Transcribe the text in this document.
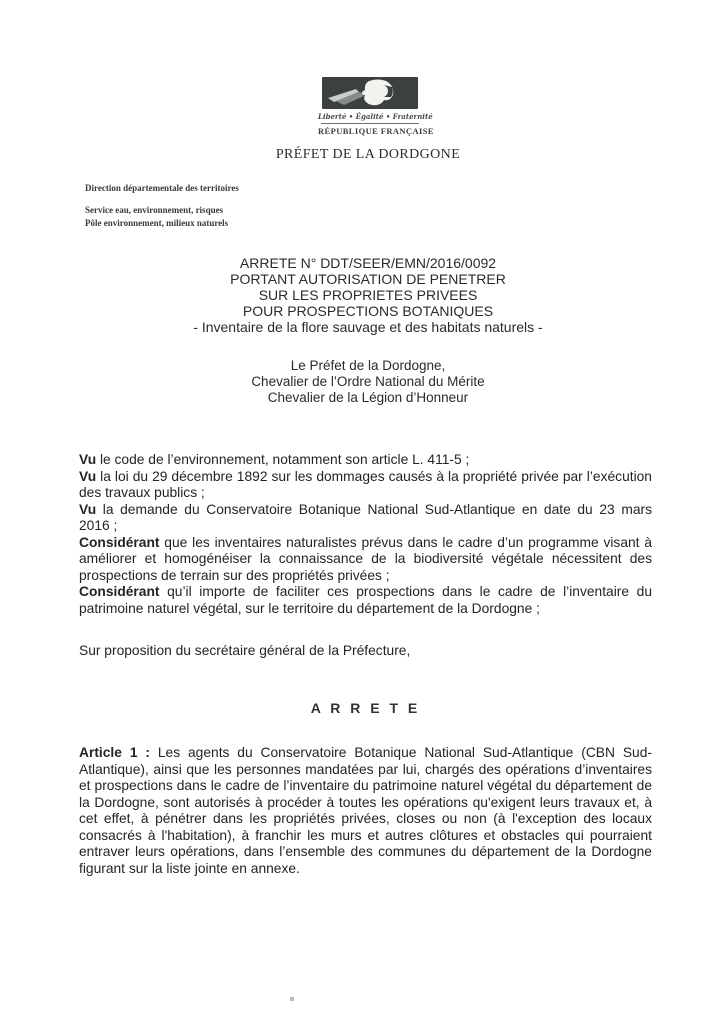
Liberté • Égalité • Fraternité
RÉPUBLIQUE FRANÇAISE
PRÉFET DE LA DORDGONE
Direction départementale des territoires
Service eau, environnement, risques
Pôle environnement, milieux naturels
ARRETE N° DDT/SEER/EMN/2016/0092
PORTANT AUTORISATION DE PENETRER
SUR LES PROPRIETES PRIVEES
POUR PROSPECTIONS BOTANIQUES
- Inventaire de la flore sauvage et des habitats naturels -
Le Préfet de la Dordogne,
Chevalier de l’Ordre National du Mérite
Chevalier de la Légion d’Honneur

Vu le code de l’environnement, notamment son article L. 411-5 ;

Vu la loi du 29 décembre 1892 sur les dommages causés à la propriété privée par l’exécution des travaux publics ;

Vu la demande du Conservatoire Botanique National Sud-Atlantique en date du 23 mars 2016 ;

Considérant que les inventaires naturalistes prévus dans le cadre d’un programme visant à améliorer et homogénéiser la connaissance de la biodiversité végétale nécessitent des prospections de terrain sur des propriétés privées ;

Considérant qu’il importe de faciliter ces prospections dans le cadre de l’inventaire du patrimoine naturel végétal, sur le territoire du département de la Dordogne ;

Sur proposition du secrétaire général de la Préfecture,

A R R E T E

Article 1 : Les agents du Conservatoire Botanique National Sud-Atlantique (CBN Sud-Atlantique), ainsi que les personnes mandatées par lui, chargés des opérations d’inventaires et prospections dans le cadre de l’inventaire du patrimoine naturel végétal du département de la Dordogne, sont autorisés à procéder à toutes les opérations qu'exigent leurs travaux et, à cet effet, à pénétrer dans les propriétés privées, closes ou non (à l'exception des locaux consacrés à l'habitation), à franchir les murs et autres clôtures et obstacles qui pourraient entraver leurs opérations, dans l’ensemble des communes du département de la Dordogne figurant sur la liste jointe en annexe.
